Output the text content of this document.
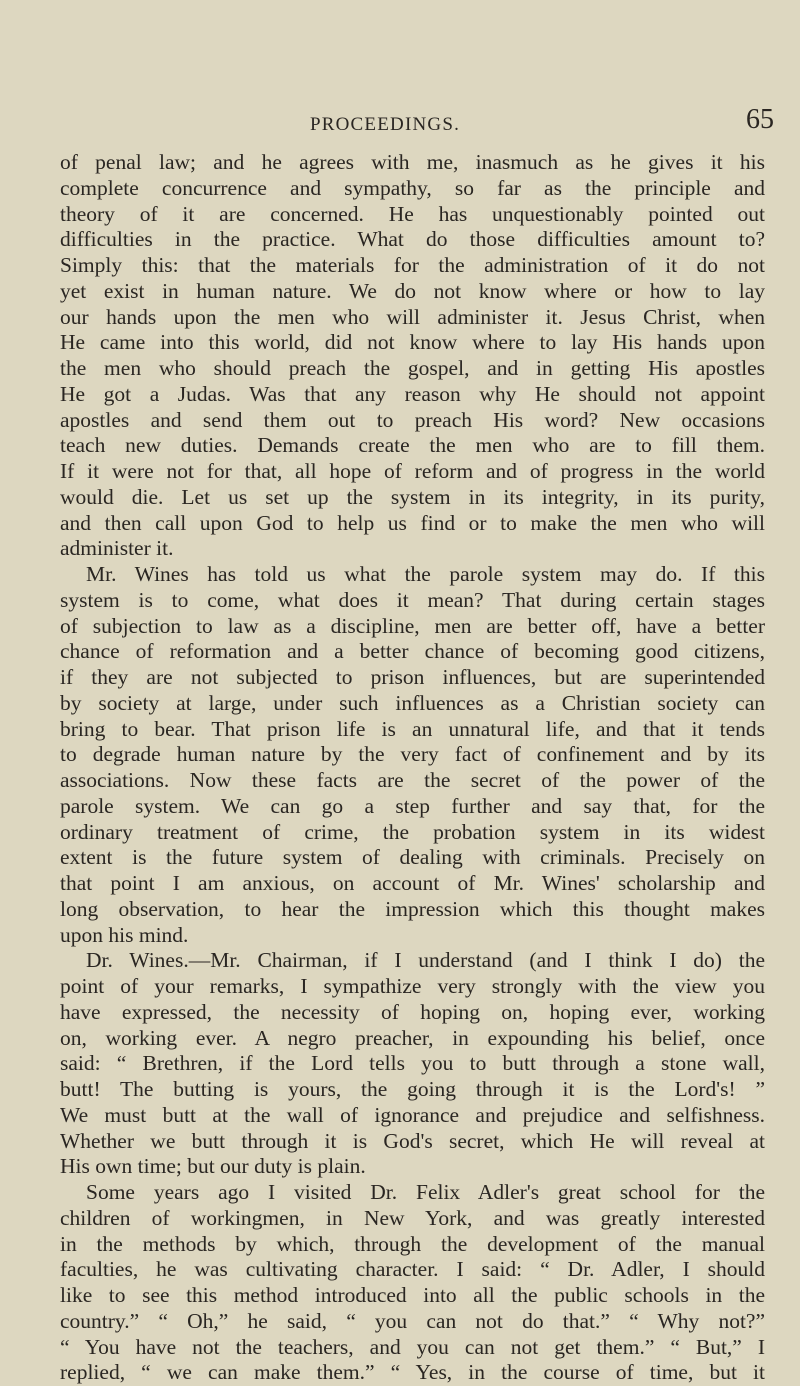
PROCEEDINGS.	65
of penal law; and he agrees with me, inasmuch as he gives it his
complete concurrence and sympathy, so far as the principle and
theory of it are concerned. He has unquestionably pointed out
difficulties in the practice. What do those difficulties amount to?
Simply this: that the materials for the administration of it do not
yet exist in human nature. We do not know where or how to lay
our hands upon the men who will administer it. Jesus Christ, when
He came into this world, did not know where to lay His hands upon
the men who should preach the gospel, and in getting His apostles
He got a Judas. Was that any reason why He should not appoint
apostles and send them out to preach His word? New occasions
teach new duties. Demands create the men who are to fill them.
If it were not for that, all hope of reform and of progress in the world
would die. Let us set up the system in its integrity, in its purity,
and then call upon God to help us find or to make the men who will
administer it.
Mr. Wines has told us what the parole system may do. If this
system is to come, what does it mean? That during certain stages
of subjection to law as a discipline, men are better off, have a better
chance of reformation and a better chance of becoming good citizens,
if they are not subjected to prison influences, but are superintended
by society at large, under such influences as a Christian society can
bring to bear. That prison life is an unnatural life, and that it tends
to degrade human nature by the very fact of confinement and by its
associations. Now these facts are the secret of the power of the
parole system. We can go a step further and say that, for the
ordinary treatment of crime, the probation system in its widest
extent is the future system of dealing with criminals. Precisely on
that point I am anxious, on account of Mr. Wines' scholarship and
long observation, to hear the impression which this thought makes
upon his mind.
Dr. Wines.—Mr. Chairman, if I understand (and I think I do) the
point of your remarks, I sympathize very strongly with the view you
have expressed, the necessity of hoping on, hoping ever, working
on, working ever. A negro preacher, in expounding his belief, once
said: “ Brethren, if the Lord tells you to butt through a stone wall,
butt! The butting is yours, the going through it is the Lord's! ”
We must butt at the wall of ignorance and prejudice and selfishness.
Whether we butt through it is God's secret, which He will reveal at
His own time; but our duty is plain.
Some years ago I visited Dr. Felix Adler's great school for the
children of workingmen, in New York, and was greatly interested
in the methods by which, through the development of the manual
faculties, he was cultivating character. I said: “ Dr. Adler, I should
like to see this method introduced into all the public schools in the
country.” “ Oh,” he said, “ you can not do that.” “ Why not?”
“ You have not the teachers, and you can not get them.” “ But,” I
replied, “ we can make them.” “ Yes, in the course of time, but it
